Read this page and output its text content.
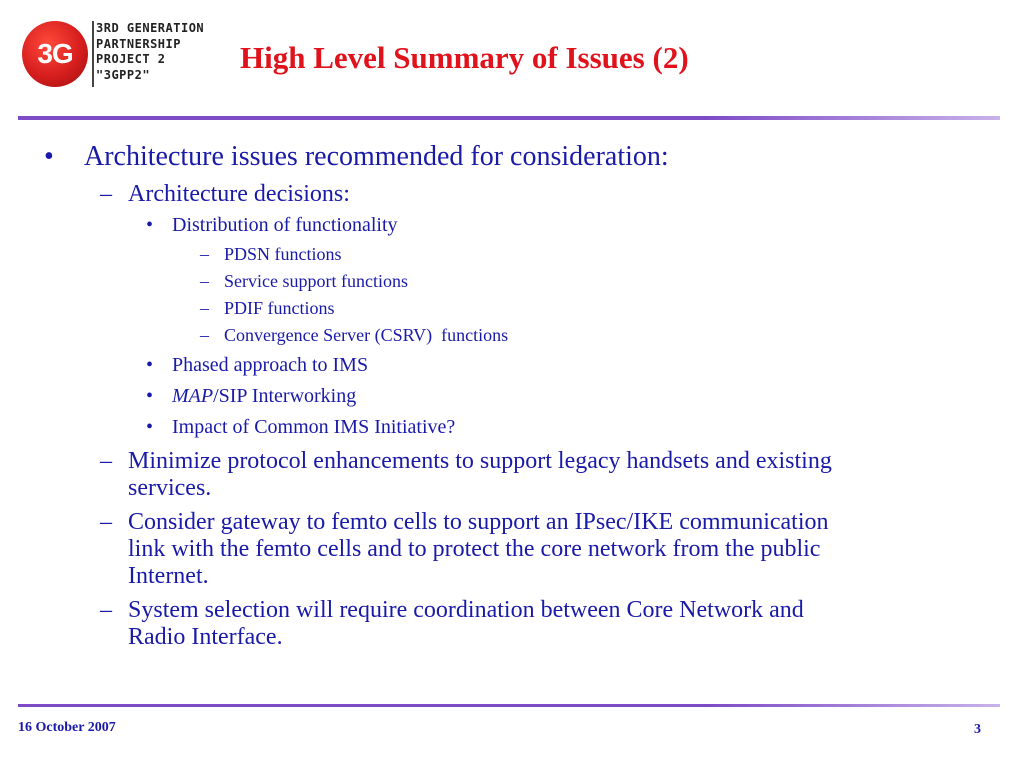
3G
3RD GENERATION
PARTNERSHIP
PROJECT 2
"3GPP2"	High Level Summary of Issues (2)
• Architecture issues recommended for consideration:
– Architecture decisions:
• Distribution of functionality
– PDSN functions
– Service support functions
– PDIF functions
– Convergence Server (CSRV)  functions
• Phased approach to IMS
• MAP/SIP Interworking
• Impact of Common IMS Initiative?
– Minimize protocol enhancements to support legacy handsets and existing
services.
– Consider gateway to femto cells to support an IPsec/IKE communication
link with the femto cells and to protect the core network from the public
Internet.
– System selection will require coordination between Core Network and
Radio Interface.
16 October 2007	3
